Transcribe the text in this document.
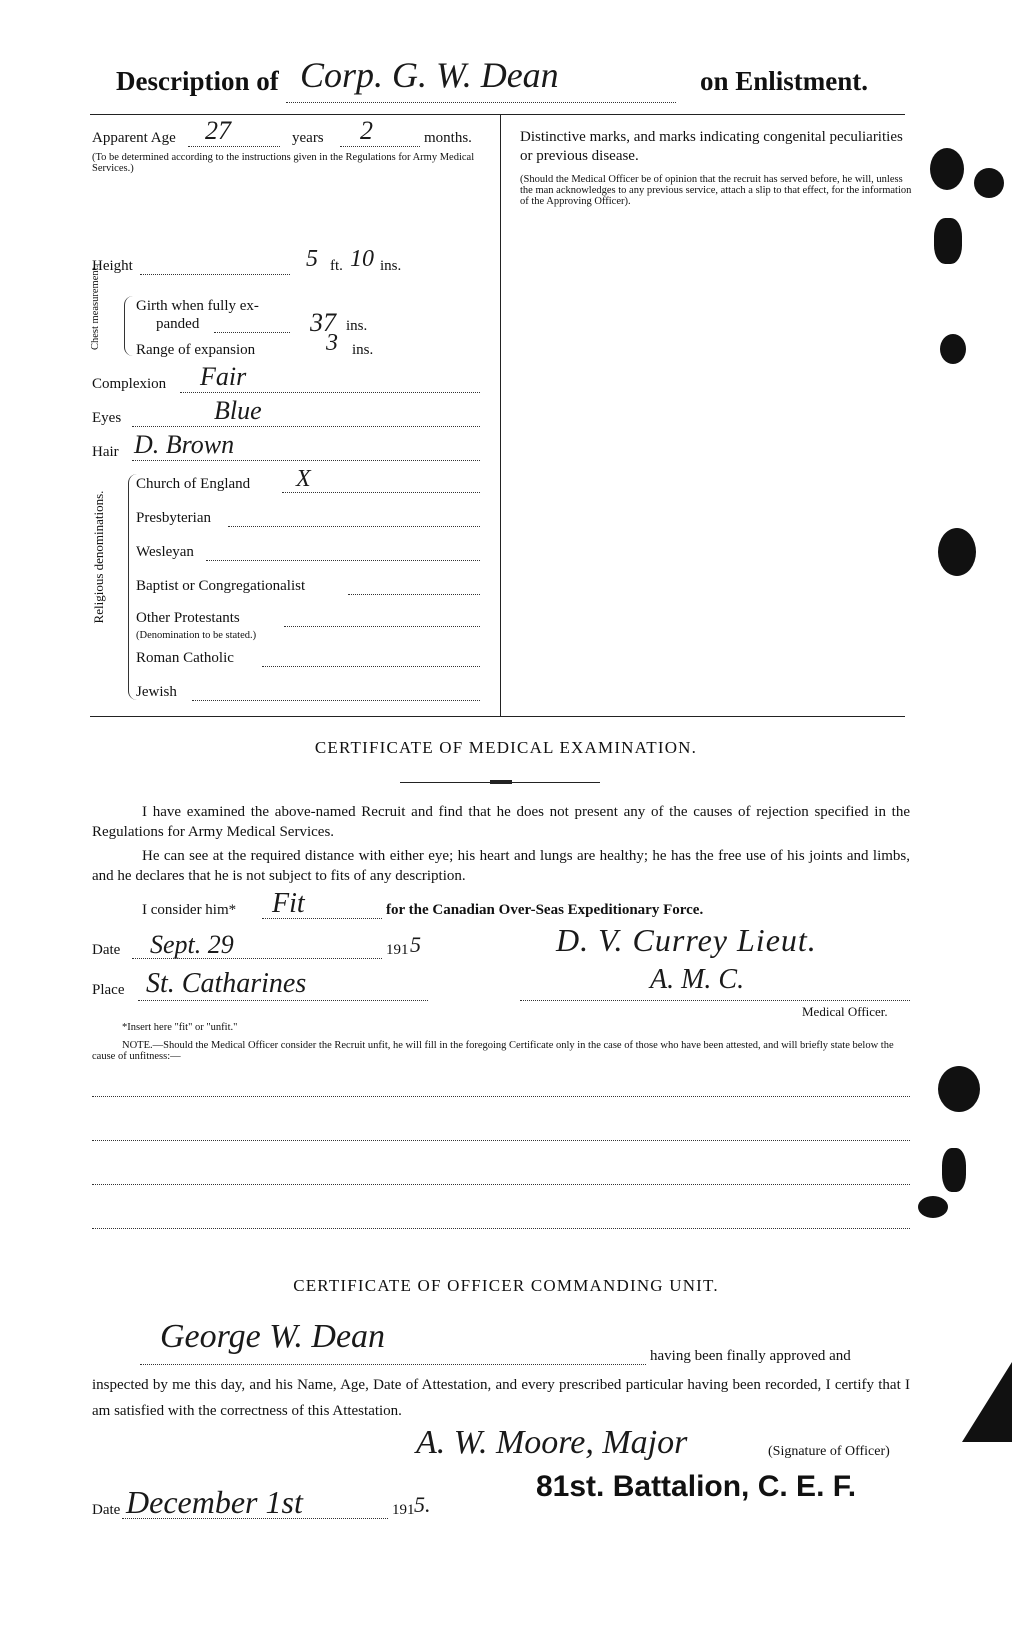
Description of Corp. G. W. Dean	on Enlistment.
Apparent Age 27	years 2	months.
(To be determined according to the instructions given in the Regulations for Army Medical Services.)
Height	5 ft. 10 ins.
Chest measurement. Girth when fully ex-
panded	37 ins.
Range of expansion	3 ins.
Complexion Fair
Eyes	Blue
Hair D. Brown
Religious denominations.
Church of England X
Presbyterian
Wesleyan
Baptist or Congregationalist
Other Protestants
(Denomination to be stated.)
Roman Catholic
Jewish
Distinctive marks, and marks indicating congenital peculiarities or previous disease.
(Should the Medical Officer be of opinion that the recruit has served before, he will, unless the man acknowledges to any previous service, attach a slip to that effect, for the information of the Approving Officer).
CERTIFICATE OF MEDICAL EXAMINATION.
I have examined the above-named Recruit and find that he does not present any of the causes of rejection specified in the Regulations for Army Medical Services.
He can see at the required distance with either eye; his heart and lungs are healthy; he has the free use of his joints and limbs, and he declares that he is not subject to fits of any description.
I consider him* Fit	for the Canadian Over-Seas Expeditionary Force.
Date Sept. 29	191 5	D. V. Currey Lieut.
Place St. Catharines	A. M. C.
Medical Officer.
*Insert here "fit" or "unfit."
NOTE.—Should the Medical Officer consider the Recruit unfit, he will fill in the foregoing Certificate only in the case of those who have been attested, and will briefly state below the cause of unfitness:—
CERTIFICATE OF OFFICER COMMANDING UNIT.
George W. Dean
having been finally approved and
inspected by me this day, and his Name, Age, Date of Attestation, and every prescribed particular having been recorded, I certify that I am satisfied with the correctness of this Attestation.
A. W. Moore, Major	(Signature of Officer)
81st. Battalion, C. E. F.
Date December 1st	191 5.
